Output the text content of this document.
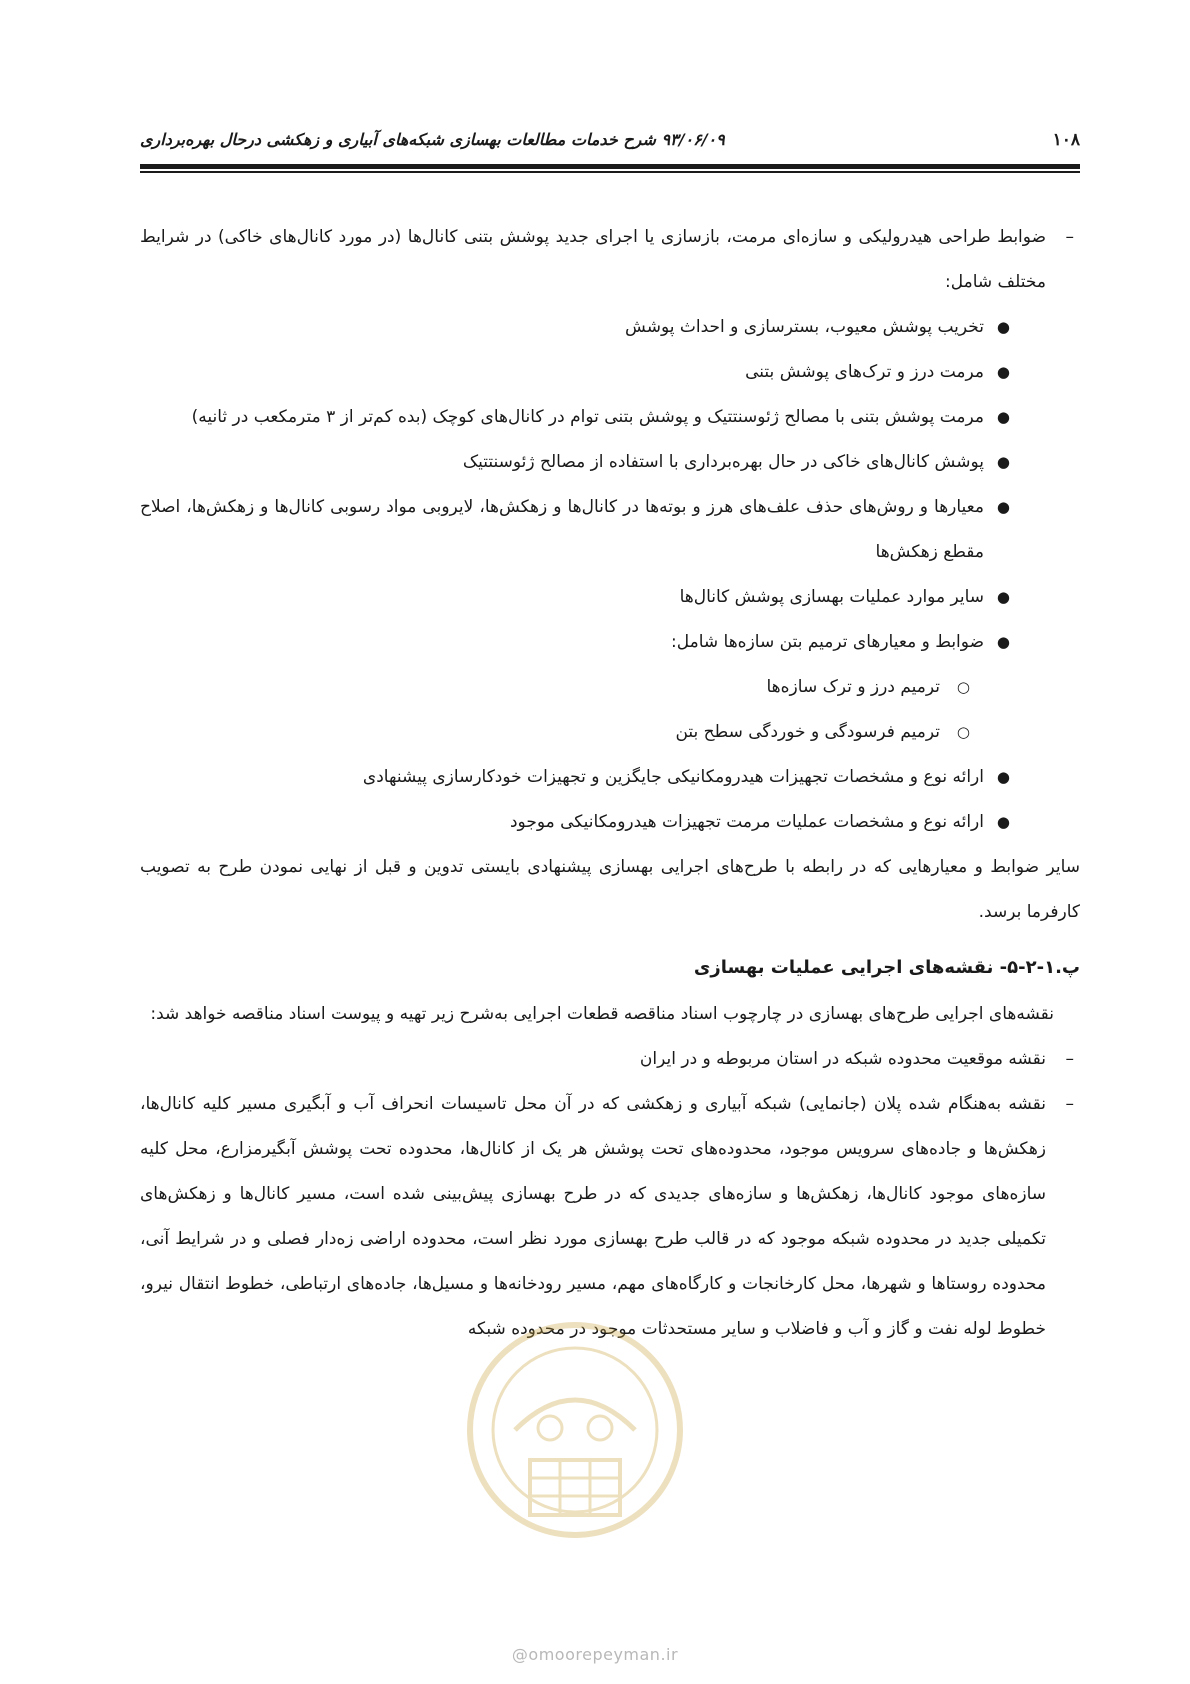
۱۰۸
۹۳/۰۶/۰۹ شرح خدمات مطالعات بهسازی شبکه‌های آبیاری و زهکشی درحال بهره‌برداری
–
ضوابط طراحی هیدرولیکی و سازه‌ای مرمت، بازسازی یا اجرای جدید پوشش بتنی کانال‌ها (در مورد کانال‌های خاکی) در شرایط مختلف شامل:
●
تخریب پوشش معیوب، بسترسازی و احداث پوشش
●
مرمت درز و ترک‌های پوشش بتنی
●
مرمت پوشش بتنی با مصالح ژئوسنتتیک و پوشش بتنی توام در کانال‌های کوچک (بده کم‌تر از ۳ مترمکعب در ثانیه)
●
پوشش کانال‌های خاکی در حال بهره‌برداری با استفاده از مصالح ژئوسنتتیک
●
معیارها و روش‌های حذف علف‌های هرز و بوته‌ها در کانال‌ها و زهکش‌ها، لایروبی مواد رسوبی کانال‌ها و زهکش‌ها، اصلاح مقطع زهکش‌ها
●
سایر موارد عملیات بهسازی پوشش کانال‌ها
●
ضوابط و معیارهای ترمیم بتن سازه‌ها شامل:
○
ترمیم درز و ترک سازه‌ها
○
ترمیم فرسودگی و خوردگی سطح بتن
●
ارائه نوع و مشخصات تجهیزات هیدرومکانیکی جایگزین و تجهیزات خودکارسازی پیشنهادی
●
ارائه نوع و مشخصات عملیات مرمت تجهیزات هیدرومکانیکی موجود

سایر ضوابط و معیارهایی که در رابطه با طرح‌های اجرایی بهسازی پیشنهادی بایستی تدوین و قبل از نهایی نمودن طرح به تصویب کارفرما برسد.

پ.۱-۲-۵- نقشه‌های اجرایی عملیات بهسازی

نقشه‌های اجرایی طرح‌های بهسازی در چارچوب اسناد مناقصه قطعات اجرایی به‌شرح زیر تهیه و پیوست اسناد مناقصه خواهد شد:

–
نقشه موقعیت محدوده شبکه در استان مربوطه و در ایران
–
نقشه به‌هنگام شده پلان (جانمایی) شبکه آبیاری و زهکشی که در آن محل تاسیسات انحراف آب و آبگیری مسیر کلیه کانال‌ها، زهکش‌ها و جاده‌های سرویس موجود، محدوده‌های تحت پوشش هر یک از کانال‌ها، محدوده تحت پوشش آبگیرمزارع، محل کلیه سازه‌های موجود کانال‌ها، زهکش‌ها و سازه‌های جدیدی که در طرح بهسازی پیش‌بینی شده است، مسیر کانال‌ها و زهکش‌های تکمیلی جدید در محدوده شبکه موجود که در قالب طرح بهسازی مورد نظر است، محدوده اراضی زه‌دار فصلی و در شرایط آنی، محدوده روستاها و شهرها، محل کارخانجات و کارگاه‌های مهم، مسیر رودخانه‌ها و مسیل‌ها، جاده‌های ارتباطی، خطوط انتقال نیرو، خطوط لوله نفت و گاز و آب و فاضلاب و سایر مستحدثات موجود در محدوده شبکه
@omoorepeyman.ir
